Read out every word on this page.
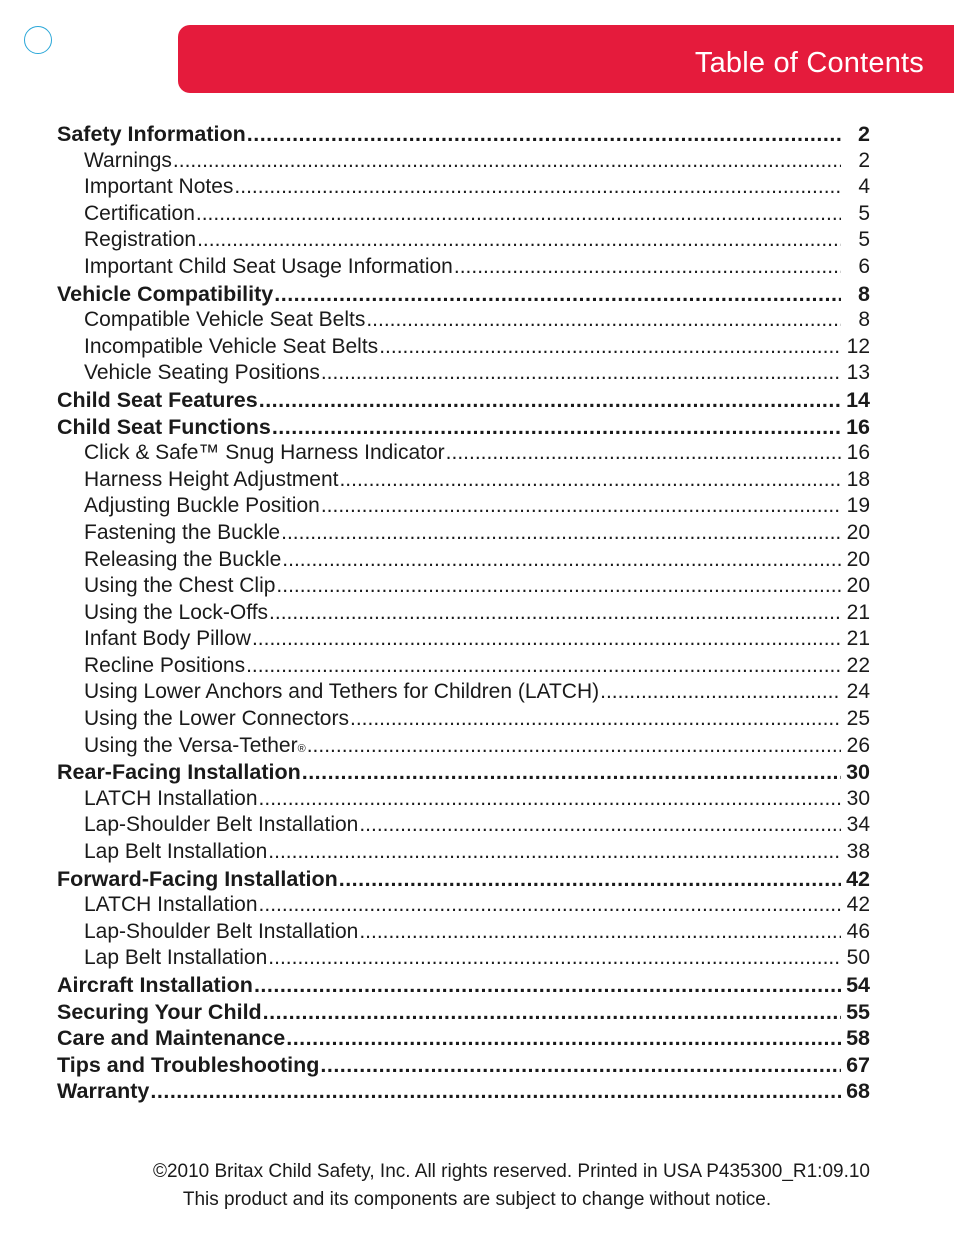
Table of Contents
Safety Information .....	2
Warnings .....	2
Important Notes .....	4
Certification .....	5
Registration .....	5
Important Child Seat Usage Information .....	6
Vehicle Compatibility .....	8
Compatible Vehicle Seat Belts .....	8
Incompatible Vehicle Seat Belts .....	12
Vehicle Seating Positions .....	13
Child Seat Features .....	14
Child Seat Functions .....	16
Click & Safe™ Snug Harness Indicator .....	16
Harness Height Adjustment .....	18
Adjusting Buckle Position .....	19
Fastening the Buckle .....	20
Releasing the Buckle .....	20
Using the Chest Clip .....	20
Using the Lock-Offs .....	21
Infant Body Pillow .....	21
Recline Positions .....	22
Using Lower Anchors and Tethers for Children (LATCH) .....	24
Using the Lower Connectors .....	25
Using the Versa-Tether ® .....	26
Rear-Facing Installation .....	30
LATCH Installation .....	30
Lap-Shoulder Belt Installation .....	34
Lap Belt Installation .....	38
Forward-Facing Installation .....	42
LATCH Installation .....	42
Lap-Shoulder Belt Installation .....	46
Lap Belt Installation .....	50
Aircraft Installation .....	54
Securing Your Child .....	55
Care and Maintenance .....	58
Tips and Troubleshooting .....	67
Warranty .....	68
©2010 Britax Child Safety, Inc. All rights reserved. Printed in USA P435300_R1:09.10
This product and its components are subject to change without notice.
